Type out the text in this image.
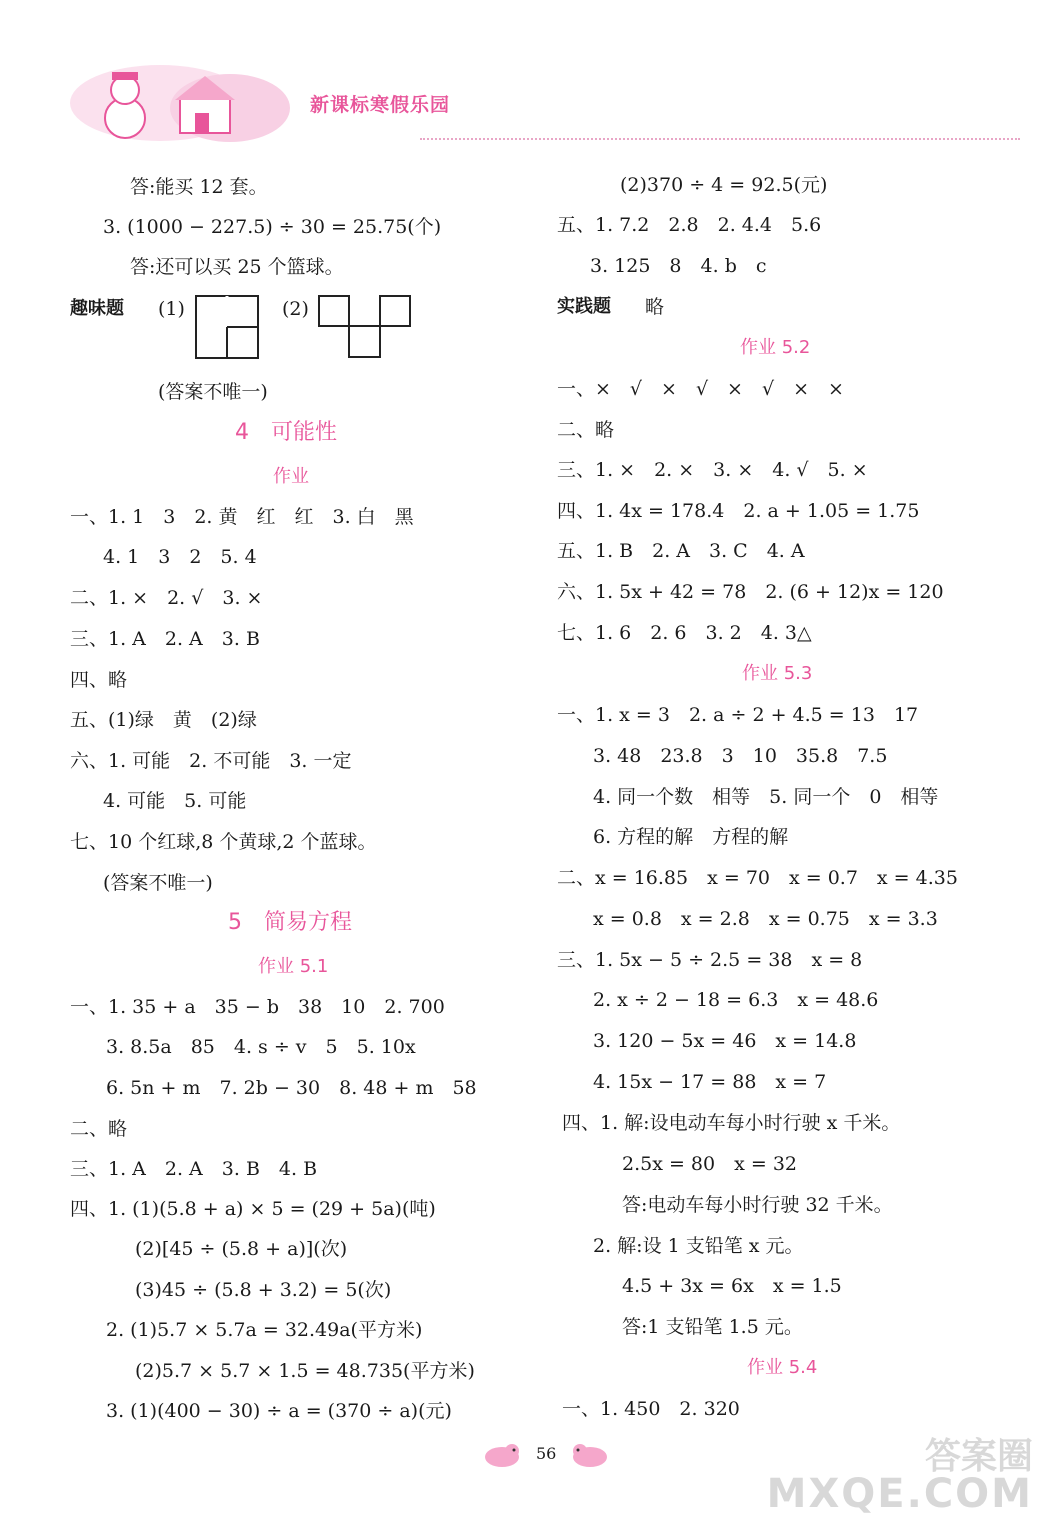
新课标寒假乐园
答:能买 12 套。
3. (1000 − 227.5) ÷ 30 = 25.75(个)
答:还可以买 25 个篮球。
趣味题 (1)	(2)
(答案不唯一)
4　可能性
作业
一、1. 1　3　2. 黄　红　红　3. 白　黑
4. 1　3　2　5. 4
二、1. ×　2. √　3. ×
三、1. A　2. A　3. B
四、略
五、(1)绿　黄　(2)绿
六、1. 可能　2. 不可能　3. 一定
4. 可能　5. 可能
七、10 个红球,8 个黄球,2 个蓝球。
(答案不唯一)
5　简易方程
作业 5.1
一、1. 35 + a　35 − b　38　10　2. 700
3. 8.5a　85　4. s ÷ v　5　5. 10x
6. 5n + m　7. 2b − 30　8. 48 + m　58
二、略
三、1. A　2. A　3. B　4. B
四、1. (1)(5.8 + a) × 5 = (29 + 5a)(吨)
(2)[45 ÷ (5.8 + a)](次)
(3)45 ÷ (5.8 + 3.2) = 5(次)
2. (1)5.7 × 5.7a = 32.49a(平方米)
(2)5.7 × 5.7 × 1.5 = 48.735(平方米)
3. (1)(400 − 30) ÷ a = (370 ÷ a)(元)
(2)370 ÷ 4 = 92.5(元)
五、1. 7.2　2.8　2. 4.4　5.6
3. 125　8　4. b　c
实践题 略
作业 5.2
一、×　√　×　√　×　√　×　×
二、略
三、1. ×　2. ×　3. ×　4. √　5. ×
四、1. 4x = 178.4　2. a + 1.05 = 1.75
五、1. B　2. A　3. C　4. A
六、1. 5x + 42 = 78　2. (6 + 12)x = 120
七、1. 6　2. 6　3. 2　4. 3△
作业 5.3
一、1. x = 3　2. a ÷ 2 + 4.5 = 13　17
3. 48　23.8　3　10　35.8　7.5
4. 同一个数　相等　5. 同一个　0　相等
6. 方程的解　方程的解
二、x = 16.85　x = 70　x = 0.7　x = 4.35
x = 0.8　x = 2.8　x = 0.75　x = 3.3
三、1. 5x − 5 ÷ 2.5 = 38　x = 8
2. x ÷ 2 − 18 = 6.3　x = 48.6
3. 120 − 5x = 46　x = 14.8
4. 15x − 17 = 88　x = 7
四、1. 解:设电动车每小时行驶 x 千米。
2.5x = 80　x = 32
答:电动车每小时行驶 32 千米。
2. 解:设 1 支铅笔 x 元。
4.5 + 3x = 6x　x = 1.5
答:1 支铅笔 1.5 元。
作业 5.4
一、1. 450　2. 320
56	答案圈
MXQE.COM
